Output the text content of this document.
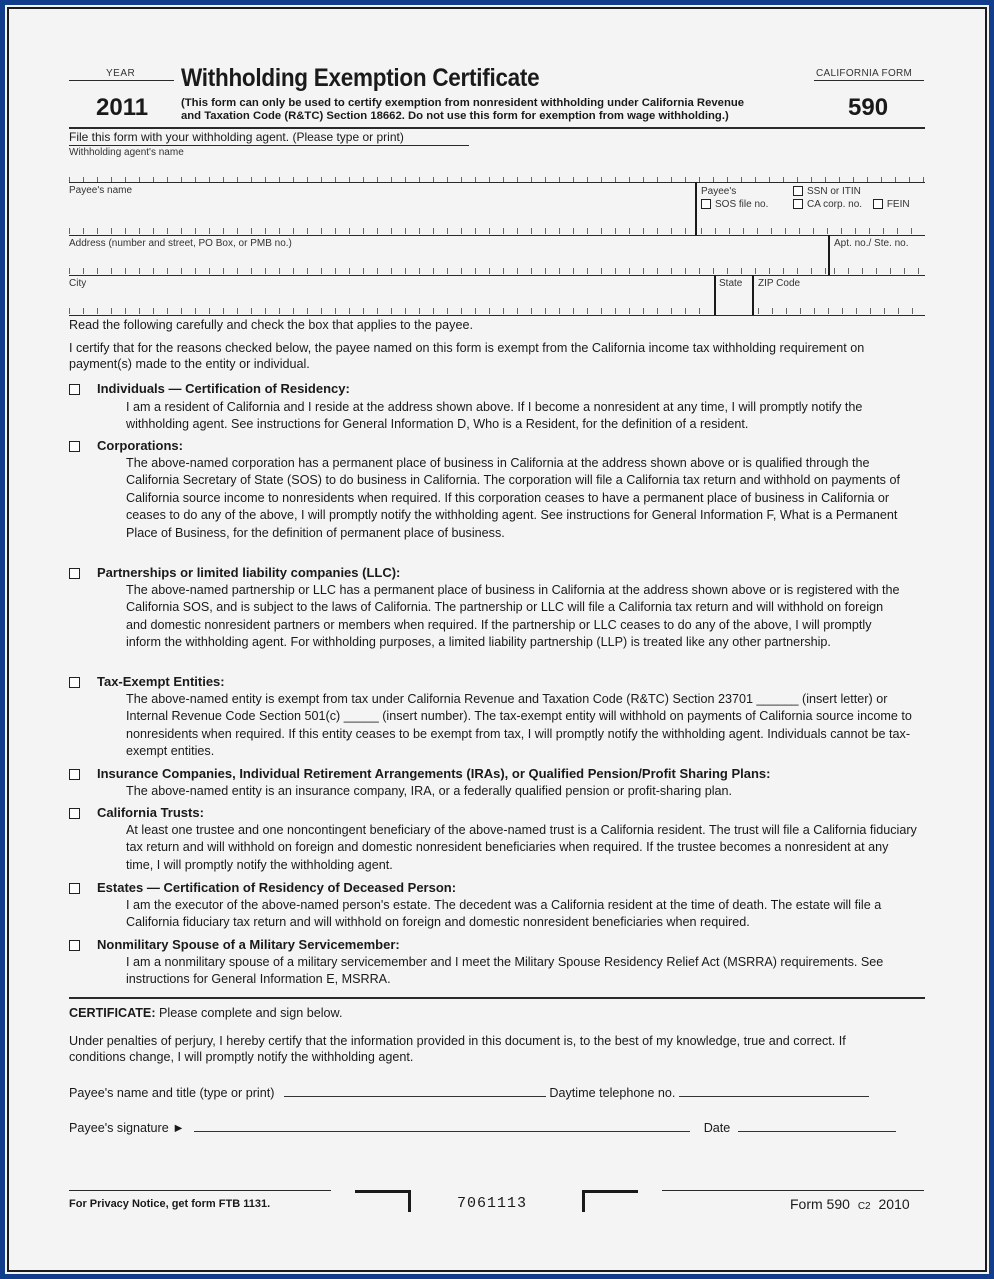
YEAR
2011
Withholding Exemption Certificate
(This form can only be used to certify exemption from nonresident withholding under California Revenue
and Taxation Code (R&TC) Section 18662. Do not use this form for exemption from wage withholding.)
CALIFORNIA FORM
590
File this form with your withholding agent. (Please type or print)
Withholding agent's name
Payee's name	Payee's
SOS file no.
SSN or ITIN
CA corp. no. FEIN
Address (number and street, PO Box, or PMB no.)	Apt. no./ Ste. no.
City	State ZIP Code
Read the following carefully and check the box that applies to the payee.
I certify that for the reasons checked below, the payee named on this form is exempt from the California income tax withholding requirement on payment(s) made to the entity or individual.
Individuals — Certification of Residency:
I am a resident of California and I reside at the address shown above. If I become a nonresident at any time, I will promptly notify the withholding agent. See instructions for General Information D, Who is a Resident, for the definition of a resident.
Corporations:
The above-named corporation has a permanent place of business in California at the address shown above or is qualified through the California Secretary of State (SOS) to do business in California. The corporation will file a California tax return and withhold on payments of California source income to nonresidents when required. If this corporation ceases to have a permanent place of business in California or ceases to do any of the above, I will promptly notify the withholding agent. See instructions for General Information F, What is a Permanent Place of Business, for the definition of permanent place of business.
Partnerships or limited liability companies (LLC):
The above-named partnership or LLC has a permanent place of business in California at the address shown above or is registered with the California SOS, and is subject to the laws of California. The partnership or LLC will file a California tax return and will withhold on foreign and domestic nonresident partners or members when required. If the partnership or LLC ceases to do any of the above, I will promptly inform the withholding agent. For withholding purposes, a limited liability partnership (LLP) is treated like any other partnership.
Tax-Exempt Entities:
The above-named entity is exempt from tax under California Revenue and Taxation Code (R&TC) Section 23701 ______ (insert letter) or Internal Revenue Code Section 501(c) _____ (insert number). The tax-exempt entity will withhold on payments of California source income to nonresidents when required. If this entity ceases to be exempt from tax, I will promptly notify the withholding agent. Individuals cannot be tax-exempt entities.
Insurance Companies, Individual Retirement Arrangements (IRAs), or Qualified Pension/Profit Sharing Plans:
The above-named entity is an insurance company, IRA, or a federally qualified pension or profit-sharing plan.
California Trusts:
At least one trustee and one noncontingent beneficiary of the above-named trust is a California resident. The trust will file a California fiduciary tax return and will withhold on foreign and domestic nonresident beneficiaries when required. If the trustee becomes a nonresident at any time, I will promptly notify the withholding agent.
Estates — Certification of Residency of Deceased Person:
I am the executor of the above-named person's estate. The decedent was a California resident at the time of death. The estate will file a California fiduciary tax return and will withhold on foreign and domestic nonresident beneficiaries when required.
Nonmilitary Spouse of a Military Servicemember:
I am a nonmilitary spouse of a military servicemember and I meet the Military Spouse Residency Relief Act (MSRRA) requirements. See instructions for General Information E, MSRRA.
CERTIFICATE: Please complete and sign below.
Under penalties of perjury, I hereby certify that the information provided in this document is, to the best of my knowledge, true and correct. If conditions change, I will promptly notify the withholding agent.
Payee's name and title (type or print)	Daytime telephone no.
Payee's signature ►	Date
For Privacy Notice, get form FTB 1131.	7061113	Form 590 C2 2010
